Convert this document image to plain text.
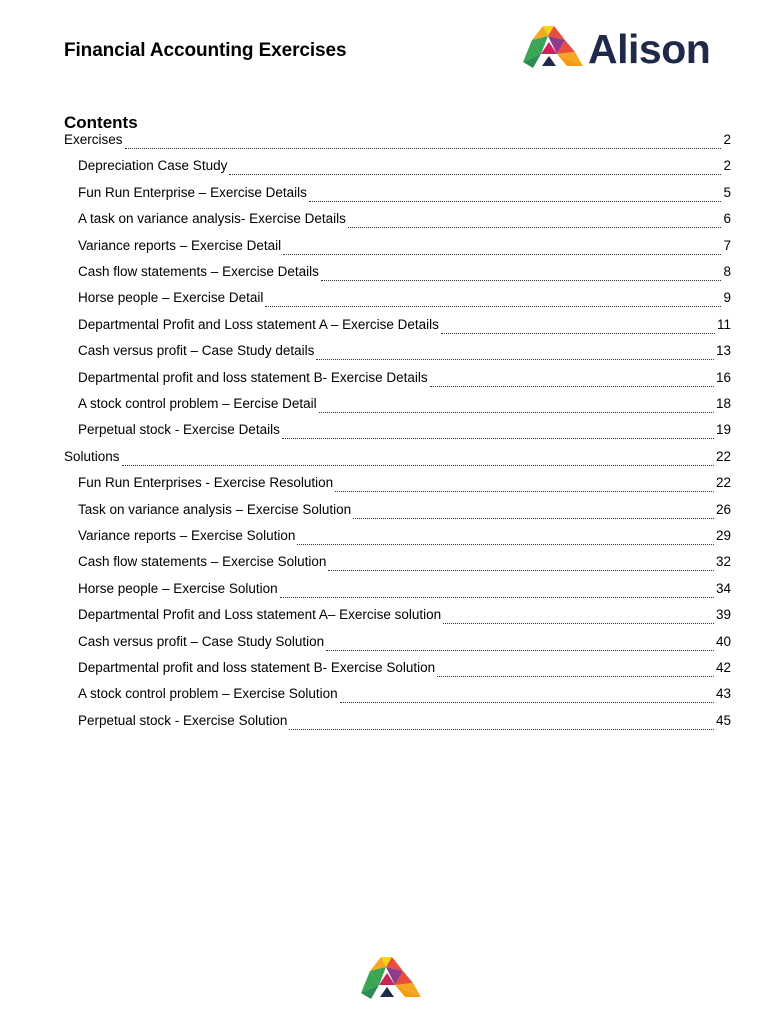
Financial Accounting Exercises	Alison
Contents
Exercises	2
Depreciation Case Study	2
Fun Run Enterprise – Exercise Details	5
A task on variance analysis- Exercise Details	6
Variance reports – Exercise Detail	7
Cash flow statements – Exercise Details	8
Horse people – Exercise Detail	9
Departmental Profit and Loss statement A – Exercise Details	11
Cash versus profit – Case Study details	13
Departmental profit and loss statement B- Exercise Details	16
A stock control problem – Eercise Detail	18
Perpetual stock - Exercise Details	19
Solutions	22
Fun Run Enterprises - Exercise Resolution	22
Task on variance analysis – Exercise Solution	26
Variance reports – Exercise Solution	29
Cash flow statements – Exercise Solution	32
Horse people – Exercise Solution	34
Departmental Profit and Loss statement A– Exercise solution	39
Cash versus profit – Case Study Solution	40
Departmental profit and loss statement B- Exercise Solution	42
A stock control problem – Exercise Solution	43
Perpetual stock - Exercise Solution	45
